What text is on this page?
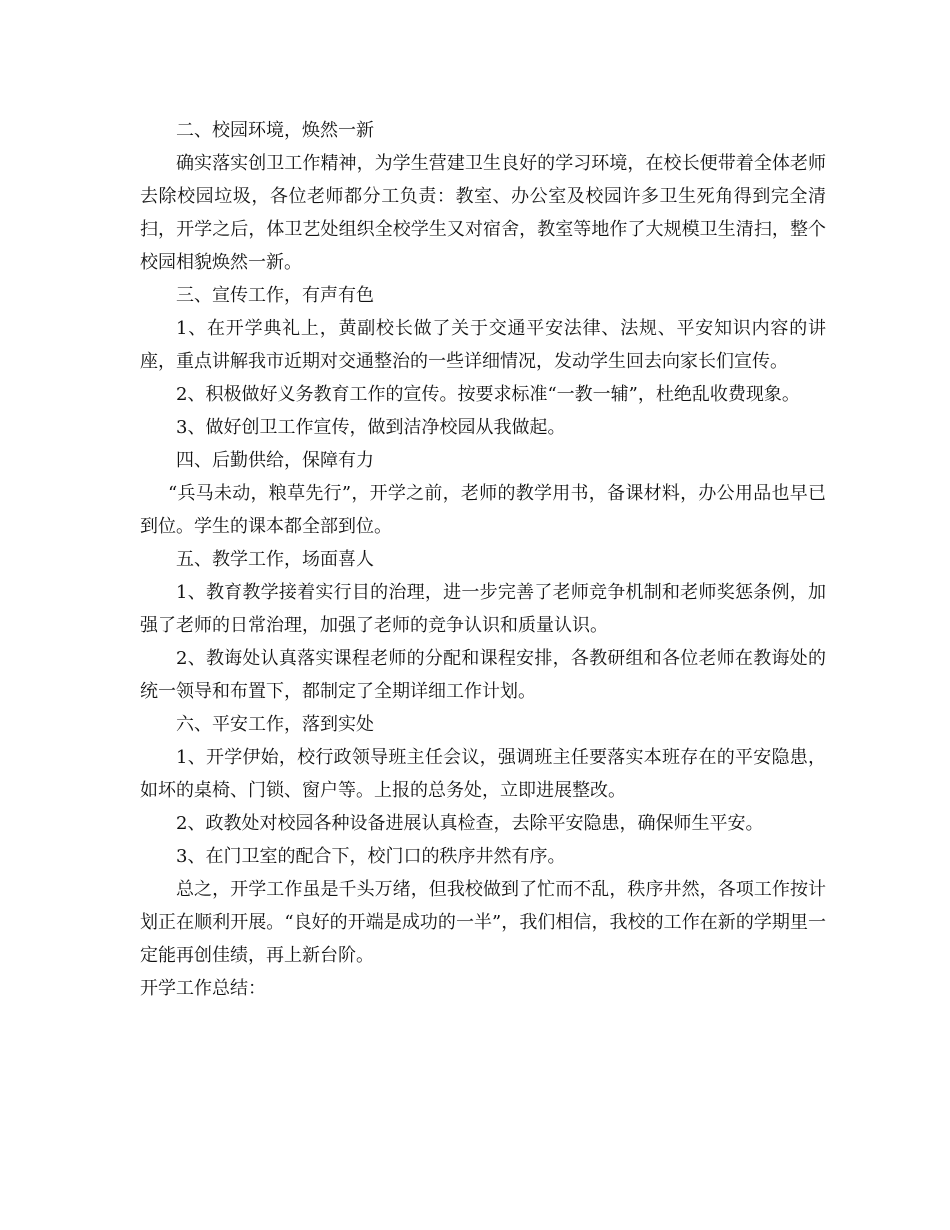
二、校园环境，焕然一新

确实落实创卫工作精神，为学生营建卫生良好的学习环境，在校长便带着全体老师去除校园垃圾，各位老师都分工负责：教室、办公室及校园许多卫生死角得到完全清扫，开学之后，体卫艺处组织全校学生又对宿舍，教室等地作了大规模卫生清扫，整个校园相貌焕然一新。

三、宣传工作，有声有色

1、在开学典礼上，黄副校长做了关于交通平安法律、法规、平安知识内容的讲座，重点讲解我市近期对交通整治的一些详细情况，发动学生回去向家长们宣传。

2、积极做好义务教育工作的宣传。按要求标准“一教一辅”，杜绝乱收费现象。

3、做好创卫工作宣传，做到洁净校园从我做起。

四、后勤供给，保障有力

“兵马未动，粮草先行”，开学之前，老师的教学用书，备课材料，办公用品也早已到位。学生的课本都全部到位。

五、教学工作，场面喜人

1、教育教学接着实行目的治理，进一步完善了老师竞争机制和老师奖惩条例，加强了老师的日常治理，加强了老师的竞争认识和质量认识。

2、教诲处认真落实课程老师的分配和课程安排，各教研组和各位老师在教诲处的统一领导和布置下，都制定了全期详细工作计划。

六、平安工作，落到实处

1、开学伊始，校行政领导班主任会议，强调班主任要落实本班存在的平安隐患，如坏的桌椅、门锁、窗户等。上报的总务处，立即进展整改。

2、政教处对校园各种设备进展认真检查，去除平安隐患，确保师生平安。

3、在门卫室的配合下，校门口的秩序井然有序。

总之，开学工作虽是千头万绪，但我校做到了忙而不乱，秩序井然，各项工作按计划正在顺利开展。“良好的开端是成功的一半”，我们相信，我校的工作在新的学期里一定能再创佳绩，再上新台阶。

开学工作总结：
